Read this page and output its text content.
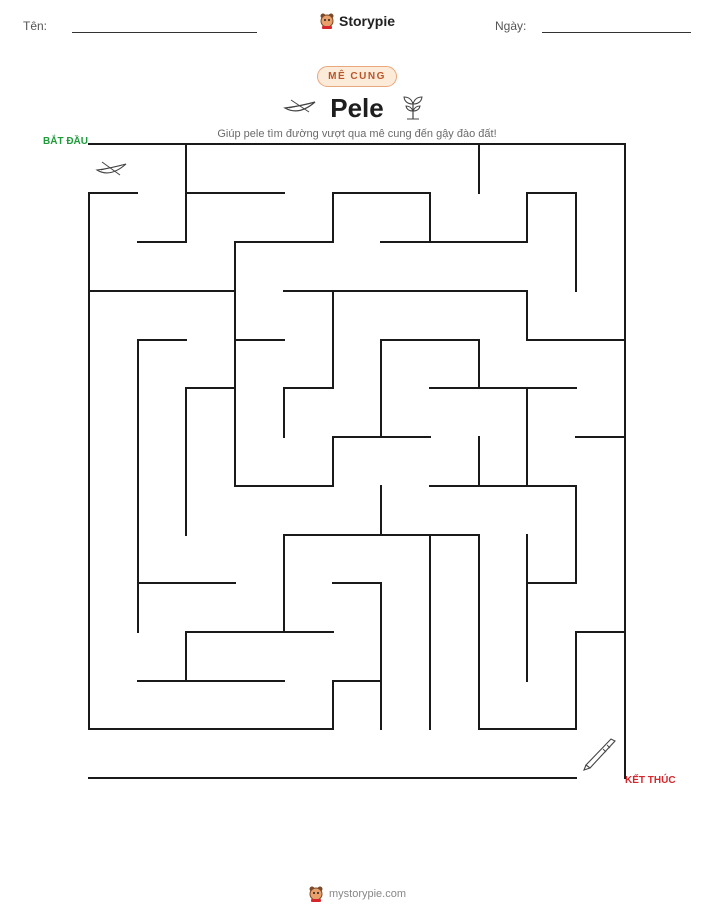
Tên:	Storypie	Ngày:
MÊ CUNG
Pele
Giúp pele tìm đường vượt qua mê cung đến gậy đào đất!
BẮT ĐẦU
KẾT THÚC
mystorypie.com
